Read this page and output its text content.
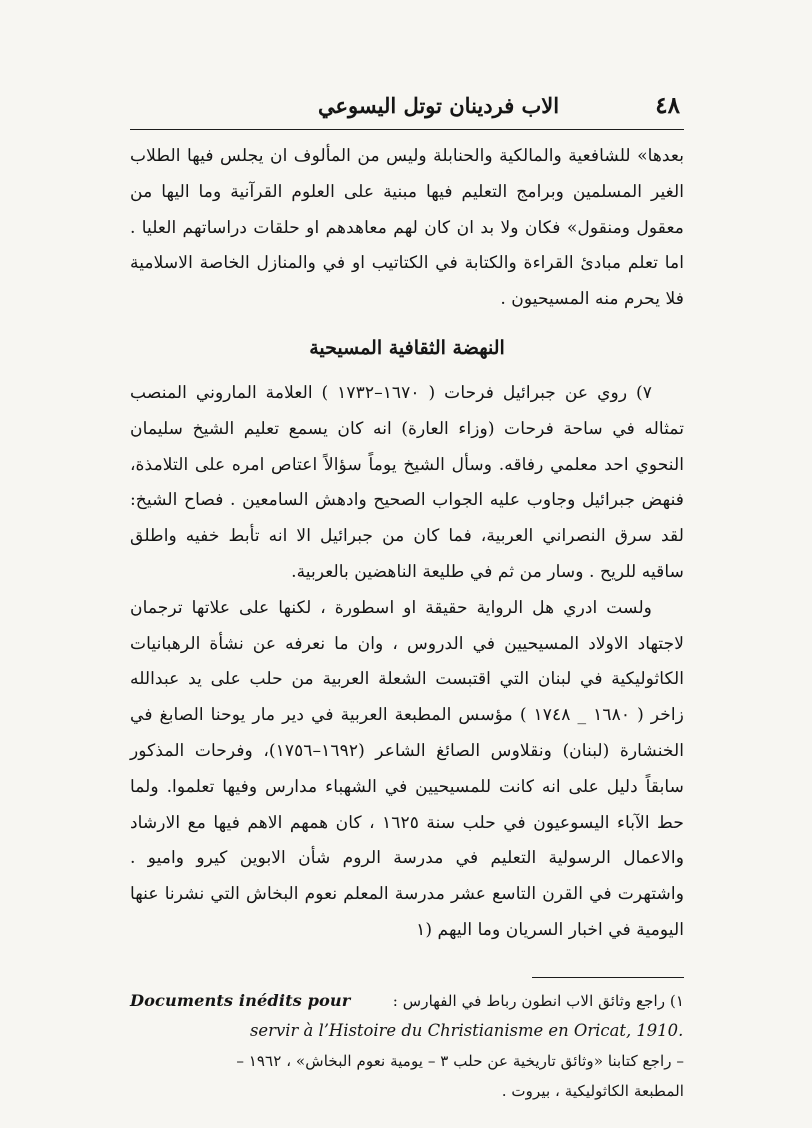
٤٨
الاب فردينان توتل اليسوعي

بعدها» للشافعية والمالكية والحنابلة وليس من المألوف ان يجلس فيها الطلاب الغير المسلمين وبرامج التعليم فيها مبنية على العلوم القرآنية وما اليها من معقول ومنقول» فكان ولا بد ان كان لهم معاهدهم او حلقات دراساتهم العليا . اما تعلم مبادئ القراءة والكتابة في الكتاتيب او في والمنازل الخاصة الاسلامية فلا يحرم منه المسيحيون .

النهضة الثقافية المسيحية

٧) روي عن جبرائيل فرحات ( ١٦٧٠–١٧٣٢ ) العلامة الماروني المنصب تمثاله في ساحة فرحات (وزاء العارة) انه كان يسمع تعليم الشيخ سليمان النحوي احد معلمي رفاقه. وسأل الشيخ يوماً سؤالاً اعتاص امره على التلامذة، فنهض جبرائيل وجاوب عليه الجواب الصحيح وادهش السامعين . فصاح الشيخ: لقد سرق النصراني العربية، فما كان من جبرائيل الا انه تأبط خفيه واطلق ساقيه للريح . وسار من ثم في طليعة الناهضين بالعربية.

ولست ادري هل الرواية حقيقة او اسطورة ، لكنها على علاتها ترجمان لاجتهاد الاولاد المسيحيين في الدروس ، وان ما نعرفه عن نشأة الرهبانيات الكاثوليكية في لبنان التي اقتبست الشعلة العربية من حلب على يد عبدالله زاخر ( ١٦٨٠ _ ١٧٤٨ ) مؤسس المطبعة العربية في دير مار يوحنا الصابغ في الخنشارة (لبنان) ونقلاوس الصائغ الشاعر (١٦٩٢–١٧٥٦)، وفرحات المذكور سابقاً دليل على انه كانت للمسيحيين في الشهباء مدارس وفيها تعلموا. ولما حط الآباء اليسوعيون في حلب سنة ١٦٢٥ ، كان همهم الاهم فيها مع الارشاد والاعمال الرسولية التعليم في مدرسة الروم شأن الابوين كيرو واميو . واشتهرت في القرن التاسع عشر مدرسة المعلم نعوم البخاش التي نشرنا عنها اليومية في اخبار السريان وما اليهم (١

١) راجع وثائق الاب انطون رباط في الفهارس :
Documents inédits pour
servir à l’Histoire du Christianisme en Oricat, 1910.
– راجع كتابنا «وثائق تاريخية عن حلب ٣ – يومية نعوم البخاش» ، ١٩٦٢ –
المطبعة الكاثوليكية ، بيروت .
